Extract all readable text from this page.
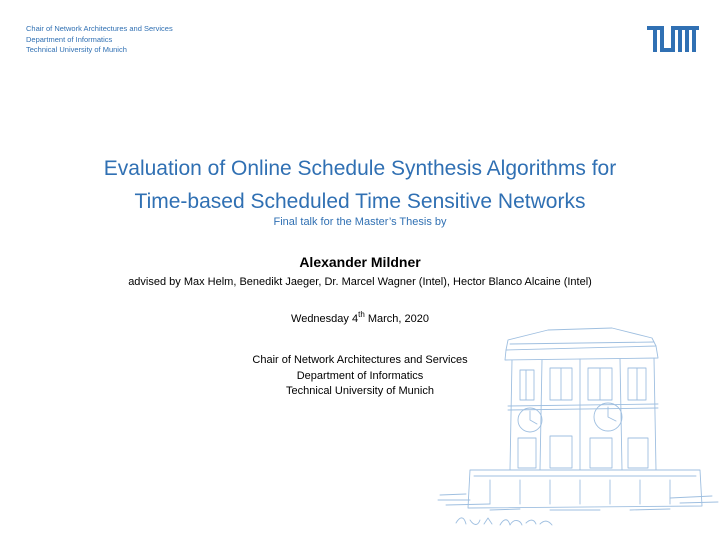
Chair of Network Architectures and Services
Department of Informatics
Technical University of Munich
Evaluation of Online Schedule Synthesis Algorithms for
Time-based Scheduled Time Sensitive Networks
Final talk for the Master’s Thesis by
Alexander Mildner
advised by Max Helm, Benedikt Jaeger, Dr. Marcel Wagner (Intel), Hector Blanco Alcaine (Intel)
Wednesday 4th March, 2020
Chair of Network Architectures and Services
Department of Informatics
Technical University of Munich
